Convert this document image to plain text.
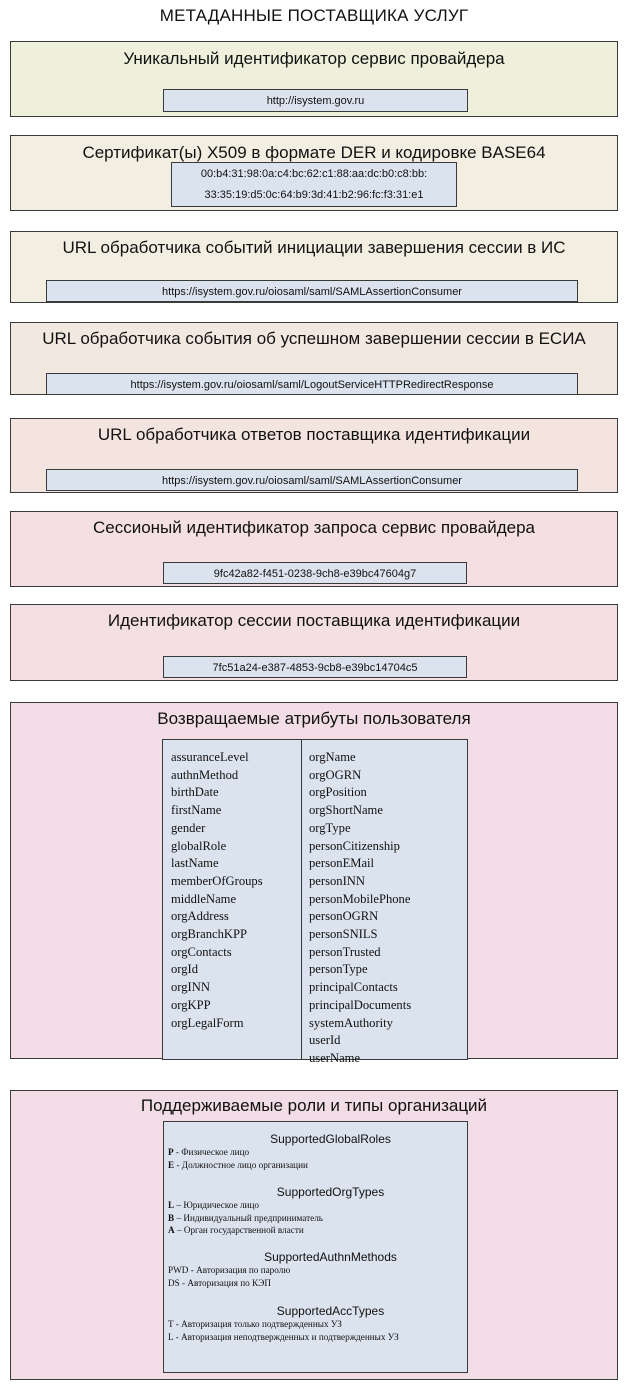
МЕТАДАННЫЕ ПОСТАВЩИКА УСЛУГ
Уникальный идентификатор сервис провайдера
http://isystem.gov.ru
Сертификат(ы) X509 в формате DER и кодировке BASE64
00:b4:31:98:0a:c4:bc:62:c1:88:aa:dc:b0:c8:bb:
33:35:19:d5:0c:64:b9:3d:41:b2:96:fc:f3:31:e1
URL обработчика событий инициации завершения сессии в ИС
https://isystem.gov.ru/oiosaml/saml/SAMLAssertionConsumer
URL обработчика события об успешном завершении сессии в ЕСИА
https://isystem.gov.ru/oiosaml/saml/LogoutServiceHTTPRedirectResponse
URL обработчика ответов поставщика идентификации
https://isystem.gov.ru/oiosaml/saml/SAMLAssertionConsumer
Сессионый идентификатор запроса сервис провайдера
9fc42a82-f451-0238-9ch8-e39bc47604g7
Идентификатор сессии поставщика идентификации
7fc51a24-e387-4853-9cb8-e39bc14704c5
Возвращаемые атрибуты пользователя
assuranceLevel
authnMethod
birthDate
firstName
gender
globalRole
lastName
memberOfGroups
middleName
orgAddress
orgBranchKPP
orgContacts
orgId
orgINN
orgKPP
orgLegalForm
orgName
orgOGRN
orgPosition
orgShortName
orgType
personCitizenship
personEMail
personINN
personMobilePhone
personOGRN
personSNILS
personTrusted
personType
principalContacts
principalDocuments
systemAuthority
userId
userName
Поддерживаемые роли и типы организаций
SupportedGlobalRoles
P - Физическое лицо
E - Должностное лицо организации
SupportedOrgTypes
L – Юридическое лицо
B – Индивидуальный предприниматель
A – Орган государственной власти
SupportedAuthnMethods
PWD - Авторизация по паролю
DS - Авторизация по КЭП
SupportedAccTypes
T - Авторизация только подтвержденных УЗ
L - Авторизация неподтвержденных и подтвержденных УЗ
